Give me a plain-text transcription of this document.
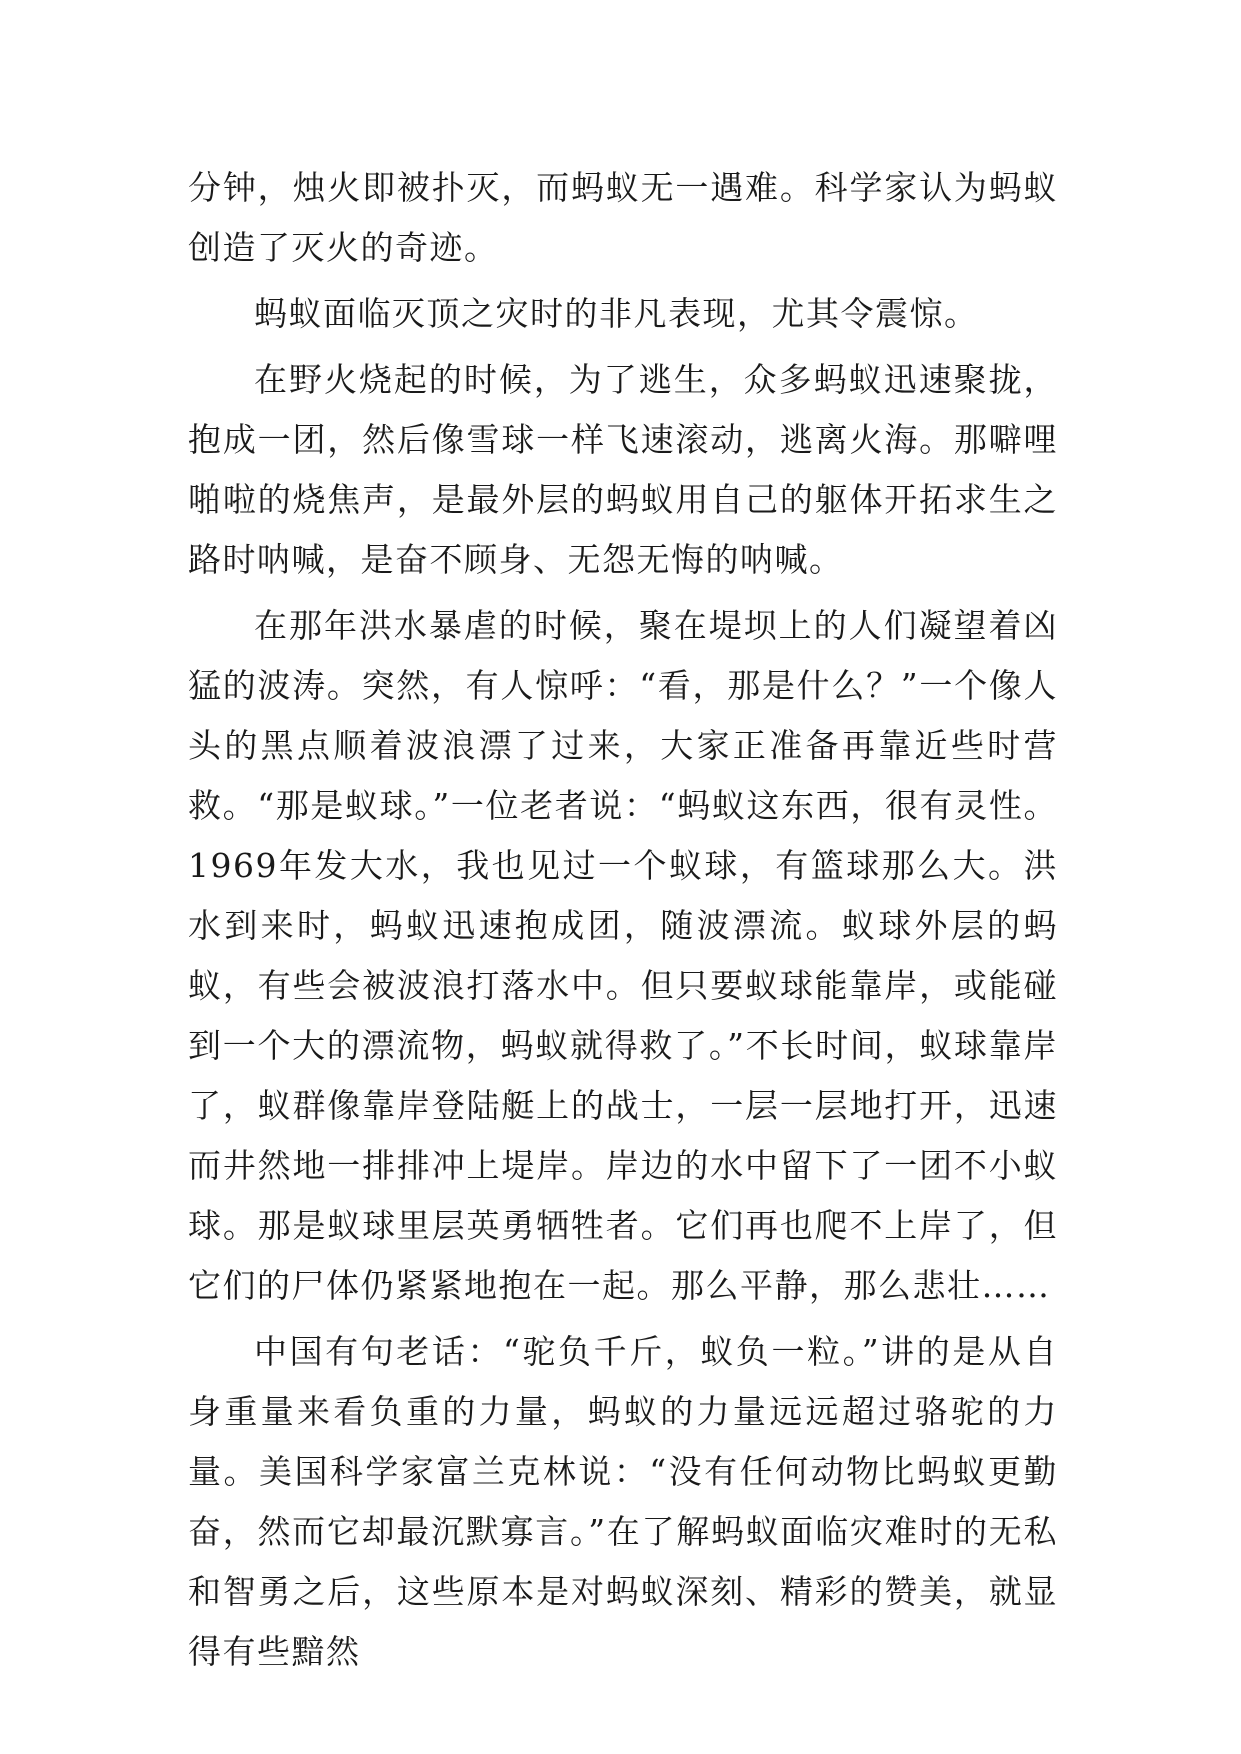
分钟，烛火即被扑灭，而蚂蚁无一遇难。科学家认为蚂蚁创造了灭火的奇迹。

蚂蚁面临灭顶之灾时的非凡表现，尤其令震惊。

在野火烧起的时候，为了逃生，众多蚂蚁迅速聚拢，抱成一团，然后像雪球一样飞速滚动，逃离火海。那噼哩啪啦的烧焦声，是最外层的蚂蚁用自己的躯体开拓求生之路时呐喊，是奋不顾身、无怨无悔的呐喊。

在那年洪水暴虐的时候，聚在堤坝上的人们凝望着凶猛的波涛。突然，有人惊呼：“看，那是什么？”一个像人头的黑点顺着波浪漂了过来，大家正准备再靠近些时营救。“那是蚁球。”一位老者说：“蚂蚁这东西，很有灵性。1969年发大水，我也见过一个蚁球，有篮球那么大。洪水到来时，蚂蚁迅速抱成团，随波漂流。蚁球外层的蚂蚁，有些会被波浪打落水中。但只要蚁球能靠岸，或能碰到一个大的漂流物，蚂蚁就得救了。”不长时间，蚁球靠岸了，蚁群像靠岸登陆艇上的战士，一层一层地打开，迅速而井然地一排排冲上堤岸。岸边的水中留下了一团不小蚁球。那是蚁球里层英勇牺牲者。它们再也爬不上岸了，但它们的尸体仍紧紧地抱在一起。那么平静，那么悲壮……

中国有句老话：“驼负千斤，蚁负一粒。”讲的是从自身重量来看负重的力量，蚂蚁的力量远远超过骆驼的力量。美国科学家富兰克林说：“没有任何动物比蚂蚁更勤奋，然而它却最沉默寡言。”在了解蚂蚁面临灾难时的无私和智勇之后，这些原本是对蚂蚁深刻、精彩的赞美，就显得有些黯然
